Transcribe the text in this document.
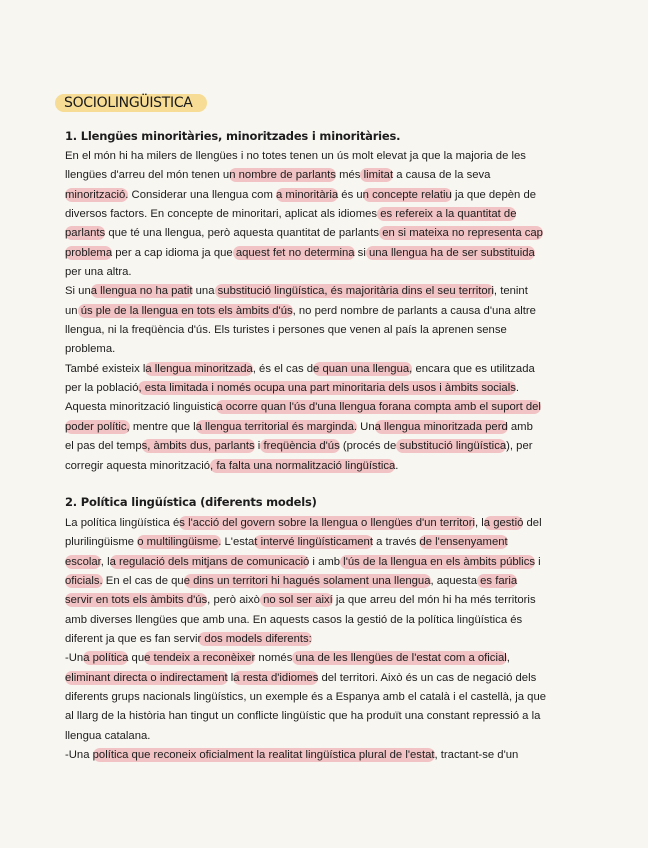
SOCIOLINGÜISTICA
1. Llengües minoritàries, minoritzades i minoritàries.
En el món hi ha milers de llengües i no totes tenen un ús molt elevat ja que la majoria de les
llengües d'arreu del món tenen un nombre de parlants més limitat a causa de la seva
minorització. Considerar una llengua com a minoritària és un concepte relatiu ja que depèn de
diversos factors. En concepte de minoritari, aplicat als idiomes es refereix a la quantitat de
parlants que té una llengua, però aquesta quantitat de parlants en si mateixa no representa cap
problema per a cap idioma ja que aquest fet no determina si una llengua ha de ser substituida
per una altra.
Si una llengua no ha patit una substitució lingüística, és majoritària dins el seu territori, tenint
un ús ple de la llengua en tots els àmbits d'ús, no perd nombre de parlants a causa d'una altre
llengua, ni la freqüència d'ús. Els turistes i persones que venen al país la aprenen sense
problema.
També existeix la llengua minoritzada, és el cas de quan una llengua, encara que es utilitzada
per la població, esta limitada i només ocupa una part minoritaria dels usos i àmbits socials.
Aquesta minorització linguistica ocorre quan l'ús d'una llengua forana compta amb el suport del
poder polític, mentre que la llengua territorial és marginda. Una llengua minoritzada perd amb
el pas del temps, àmbits dus, parlants i freqüència d'ús (procés de substitució lingüística), per
corregir aquesta minorització, fa falta una normalització lingüística.
2. Política lingüística (diferents models)
La política lingüística és l'acció del govern sobre la llengua o llengües d'un territori, la gestió del
plurilingüisme o multilingüisme. L'estat intervé lingüísticament a través de l'ensenyament
escolar, la regulació dels mitjans de comunicació i amb l'ús de la llengua en els àmbits públics i
oficials. En el cas de que dins un territori hi hagués solament una llengua, aquesta es faria
servir en tots els àmbits d'ús, però això no sol ser així ja que arreu del món hi ha més territoris
amb diverses llengües que amb una. En aquests casos la gestió de la política lingüística és
diferent ja que es fan servir dos models diferents:
-Una política que tendeix a reconèixer només una de les llengües de l'estat com a oficial,
eliminant directa o indirectament la resta d'idiomes del territori. Això és un cas de negació dels
diferents grups nacionals lingüístics, un exemple és a Espanya amb el català i el castellà, ja que
al llarg de la història han tingut un conflicte lingüístic que ha produït una constant repressió a la
llengua catalana.
-Una política que reconeix oficialment la realitat lingüística plural de l'estat, tractant-se d'un
